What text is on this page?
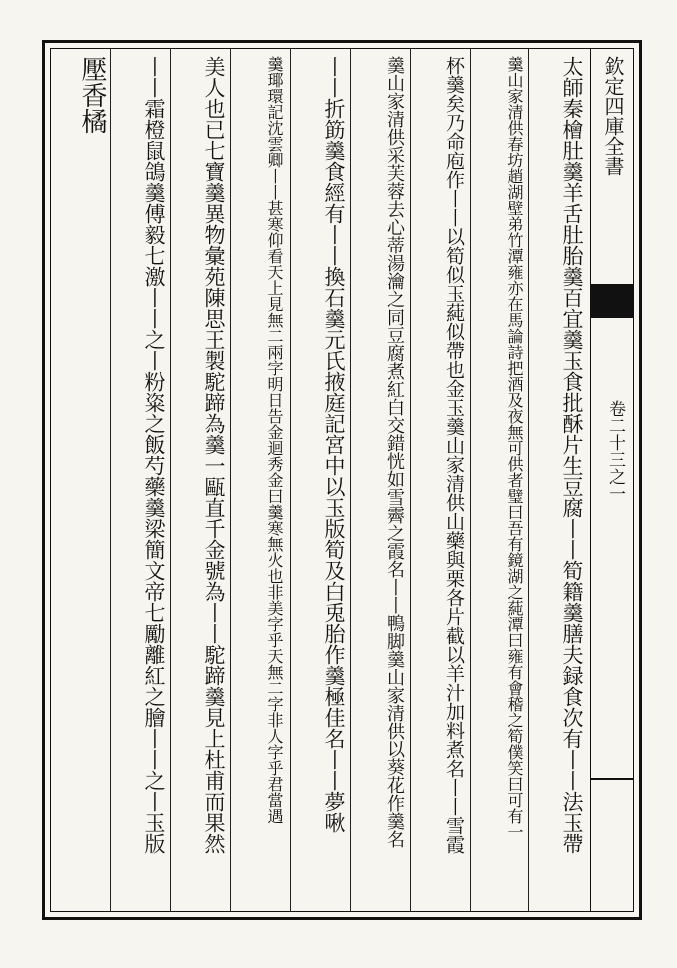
欽定四庫全書
卷二十三之一
太師秦檜肚羹羊舌肚胎羹百宜羹玉食批酥片生豆腐丨丨筍籍羹膳夫録食次有丨丨法玉帶
羹山家清供春坊趙湖壁弟竹潭雍亦在馬論詩把酒及夜無可供者璧曰吾有鏡湖之蒓潭曰雍有會稽之筍僕笑曰可有一
杯羹矣乃命庖作丨丨以筍似玉蒓似帶也金玉羹山家清供山藥與栗各片截以羊汁加料煮名丨丨雪霞
羹山家清供采芙蓉去心蒂湯瀹之同豆腐煮紅白交錯恍如雪霽之霞名丨丨鴨脚羹山家清供以葵花作羹名
丨丨折筯羹食經有丨丨換石羹元氏掖庭記宮中以玉版筍及白兎胎作羹極佳名丨丨夢啾
羹瑘環記沈雲卿丨丨甚寒仰看天上見無二兩字明日告金迴秀金曰羹寒無火也非美字乎天無二字非人字乎君當遇
美人也已七寶羹異物彙苑陳思王製駝蹄為羹一甌直千金號為丨丨駝蹄羹見上杜甫而果然
丨丨霜橙鼠鴿羹傅毅七激丨丨之丨粉粢之飯芍藥羹梁簡文帝七勵離紅之膾丨丨之丨玉版
壓香橘
